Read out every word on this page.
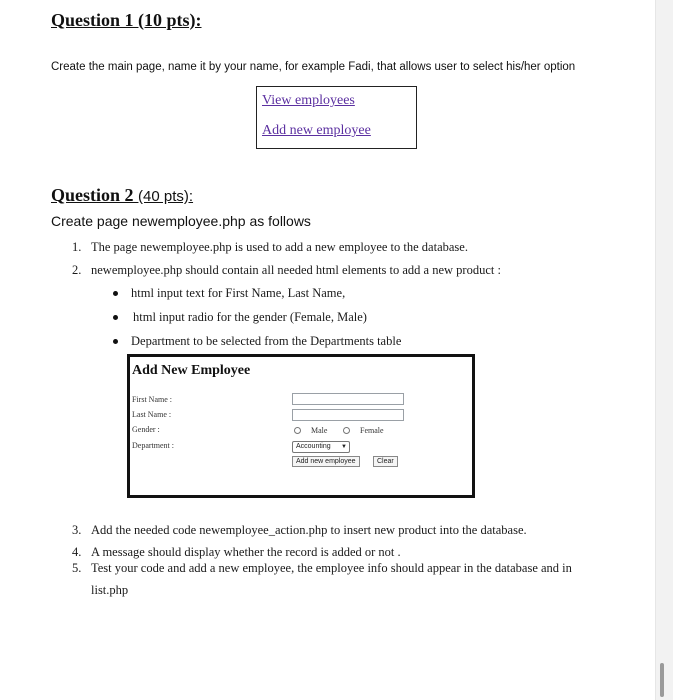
Question 1 (10 pts):
Create the main page, name it by your name, for example Fadi, that allows user to select his/her option
View employees
Add new employee
Question 2 (40 pts):
Create page newemployee.php as follows
1. The page newemployee.php is used to add a new employee to the database.
2. newemployee.php should contain all needed html elements to add a new product :
html input text for First Name, Last Name,
html input radio for the gender (Female, Male)
Department to be selected from the Departments table
Add New Employee
First Name :
Last Name :
Gender :
Department :
Male	Female
Accounting ▼
Add new employee	Clear
3. Add the needed code newemployee_action.php to insert new product into the database.
4. A message should display whether the record is added or not .
5. Test your code and add a new employee, the employee info should appear in the database and in
list.php
